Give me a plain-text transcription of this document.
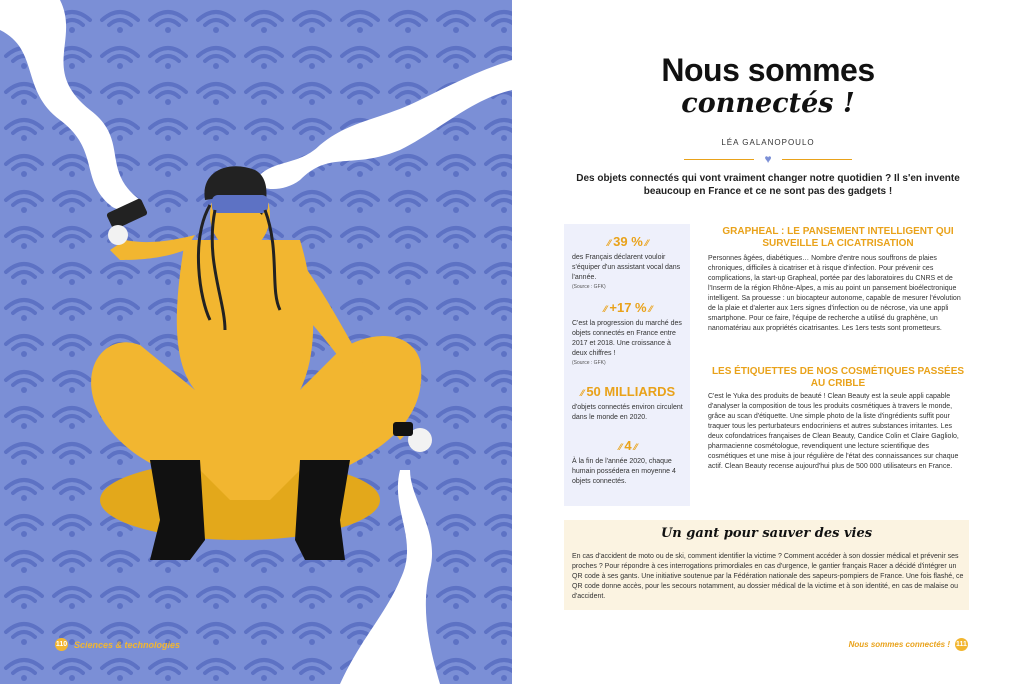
110 Sciences & technologies
Nous sommes
connectés !
LÉA GALANOPOULO
♥
Des objets connectés qui vont vraiment changer notre quotidien ? Il s'en invente beaucoup en France et ce ne sont pas des gadgets !
⁄⁄ 39 % ⁄⁄
des Français déclarent vouloir s'équiper d'un assistant vocal dans l'année.
(Source : GFK)
⁄⁄ +17 % ⁄⁄
C'est la progression du marché des objets connectés en France entre 2017 et 2018. Une croissance à deux chiffres !
(Source : GFK)
⁄⁄ 50 MILLIARDS
d'objets connectés environ circulent dans le monde en 2020.
⁄⁄ 4 ⁄⁄
À la fin de l'année 2020, chaque humain possédera en moyenne 4 objets connectés.
GRAPHEAL : LE PANSEMENT INTELLIGENT QUI SURVEILLE LA CICATRISATION
Personnes âgées, diabétiques… Nombre d'entre nous souffrons de plaies chroniques, difficiles à cicatriser et à risque d'infection. Pour prévenir ces complications, la start-up Grapheal, portée par des laboratoires du CNRS et de l'Inserm de la région Rhône-Alpes, a mis au point un pansement bioélectronique intelligent. Sa prouesse : un biocapteur autonome, capable de mesurer l'évolution de la plaie et d'alerter aux 1ers signes d'infection ou de nécrose, via une appli smartphone. Pour ce faire, l'équipe de recherche a utilisé du graphène, un nanomatériau aux propriétés cicatrisantes. Les 1ers tests sont prometteurs.
LES ÉTIQUETTES DE NOS COSMÉTIQUES PASSÉES AU CRIBLE
C'est le Yuka des produits de beauté ! Clean Beauty est la seule appli capable d'analyser la composition de tous les produits cosmétiques à travers le monde, grâce au scan d'étiquette. Une simple photo de la liste d'ingrédients suffit pour traquer tous les perturbateurs endocriniens et autres substances irritantes. Les deux cofondatrices françaises de Clean Beauty, Candice Colin et Claire Gagliolo, pharmacienne cosmétologue, revendiquent une lecture scientifique des cosmétiques et une mise à jour régulière de l'état des connaissances sur chaque actif. Clean Beauty recense aujourd'hui plus de 500 000 utilisateurs en France.
Un gant pour sauver des vies
En cas d'accident de moto ou de ski, comment identifier la victime ? Comment accéder à son dossier médical et prévenir ses proches ? Pour répondre à ces interrogations primordiales en cas d'urgence, le gantier français Racer a décidé d'intégrer un QR code à ses gants. Une initiative soutenue par la Fédération nationale des sapeurs-pompiers de France. Une fois flashé, ce QR code donne accès, pour les secours notamment, au dossier médical de la victime et à son identité, en cas de malaise ou d'accident.
Nous sommes connectés ! 111
